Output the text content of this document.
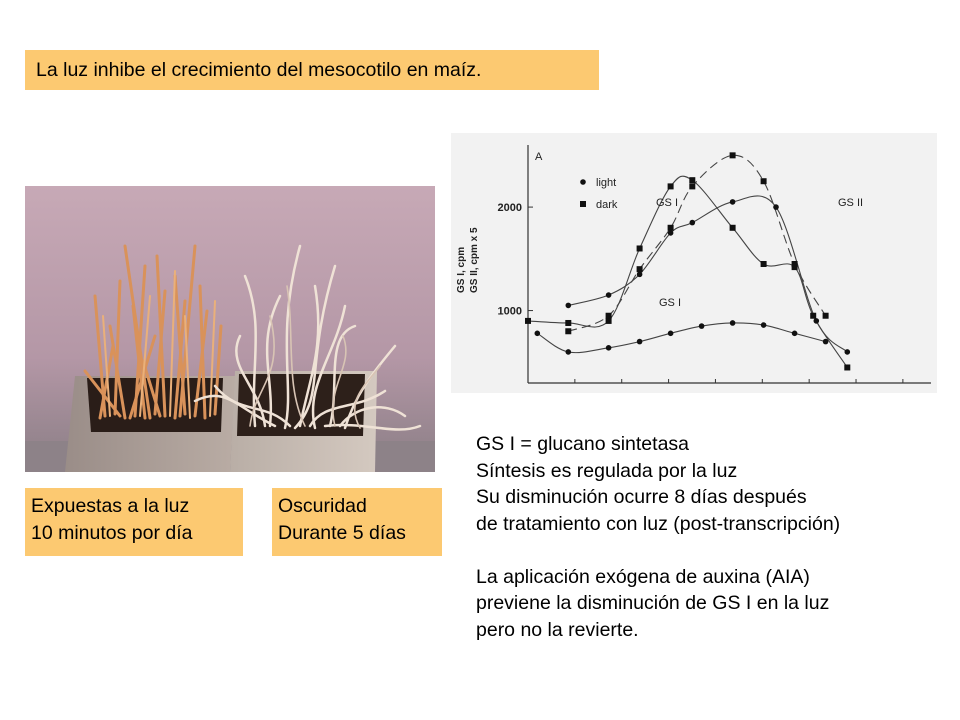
La luz inhibe el crecimiento del mesocotilo en maíz.
Expuestas a la luz
10 minutos por día
Oscuridad
Durante 5 días
A
GS I, cpm GS II, cpm x 5
1000
2000
light
dark	GS I	GS II
GS I
GS I = glucano sintetasa
Síntesis es regulada por la luz
Su disminución ocurre 8 días después
de tratamiento con luz (post-transcripción)
La aplicación exógena de auxina (AIA)
previene la disminución de GS I en la luz
pero no la revierte.
